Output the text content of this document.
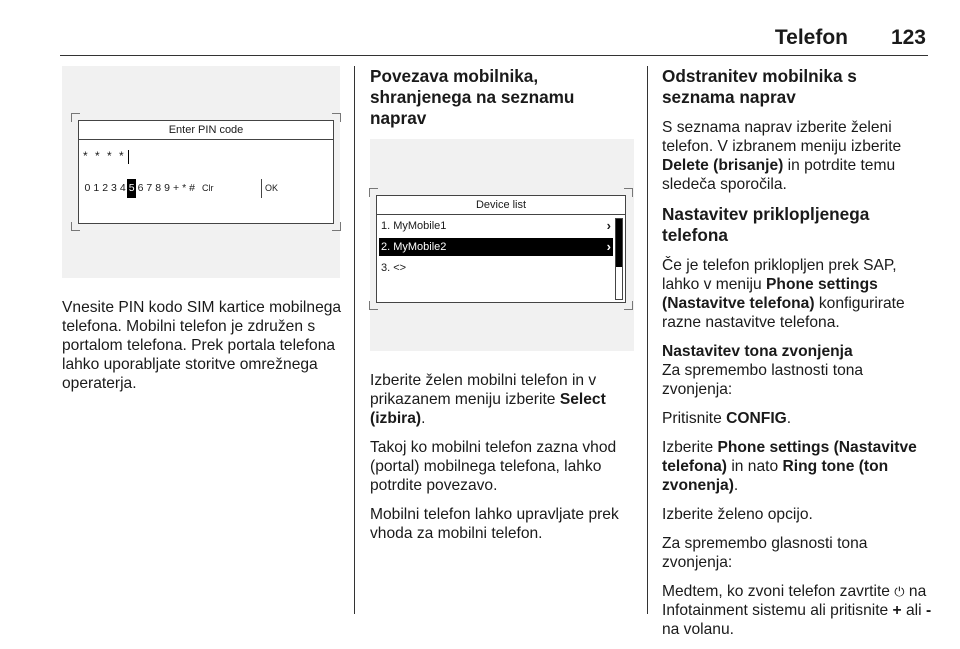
Telefon 123
Enter PIN code
* * * *
0 1 2 3 4 5 6 7 8 9 + * # Clr	OK

Vnesite PIN kodo SIM kartice mobilnega telefona. Mobilni telefon je združen s portalom telefona. Prek portala telefona lahko uporabljate storitve omrežnega operaterja.

Povezava mobilnika, shranjenega na seznamu naprav
Device list
1. MyMobile1	›
2. MyMobile2	›
3. <>

Izberite želen mobilni telefon in v prikazanem meniju izberite Select (izbira).

Takoj ko mobilni telefon zazna vhod (portal) mobilnega telefona, lahko potrdite povezavo.

Mobilni telefon lahko upravljate prek vhoda za mobilni telefon.

Odstranitev mobilnika s seznama naprav

S seznama naprav izberite želeni telefon. V izbranem meniju izberite Delete (brisanje) in potrdite temu sledeča sporočila.

Nastavitev priklopljenega telefona

Če je telefon priklopljen prek SAP, lahko v meniju Phone settings (Nastavitve telefona) konfigurirate razne nastavitve telefona.

Nastavitev tona zvonjenja

Za spremembo lastnosti tona zvonjenja:

Pritisnite CONFIG.

Izberite Phone settings (Nastavitve telefona) in nato Ring tone (ton zvonenja).

Izberite želeno opcijo.

Za spremembo glasnosti tona zvonjenja:

Medtem, ko zvoni telefon zavrtite ⏻ na Infotainment sistemu ali pritisnite + ali - na volanu.
